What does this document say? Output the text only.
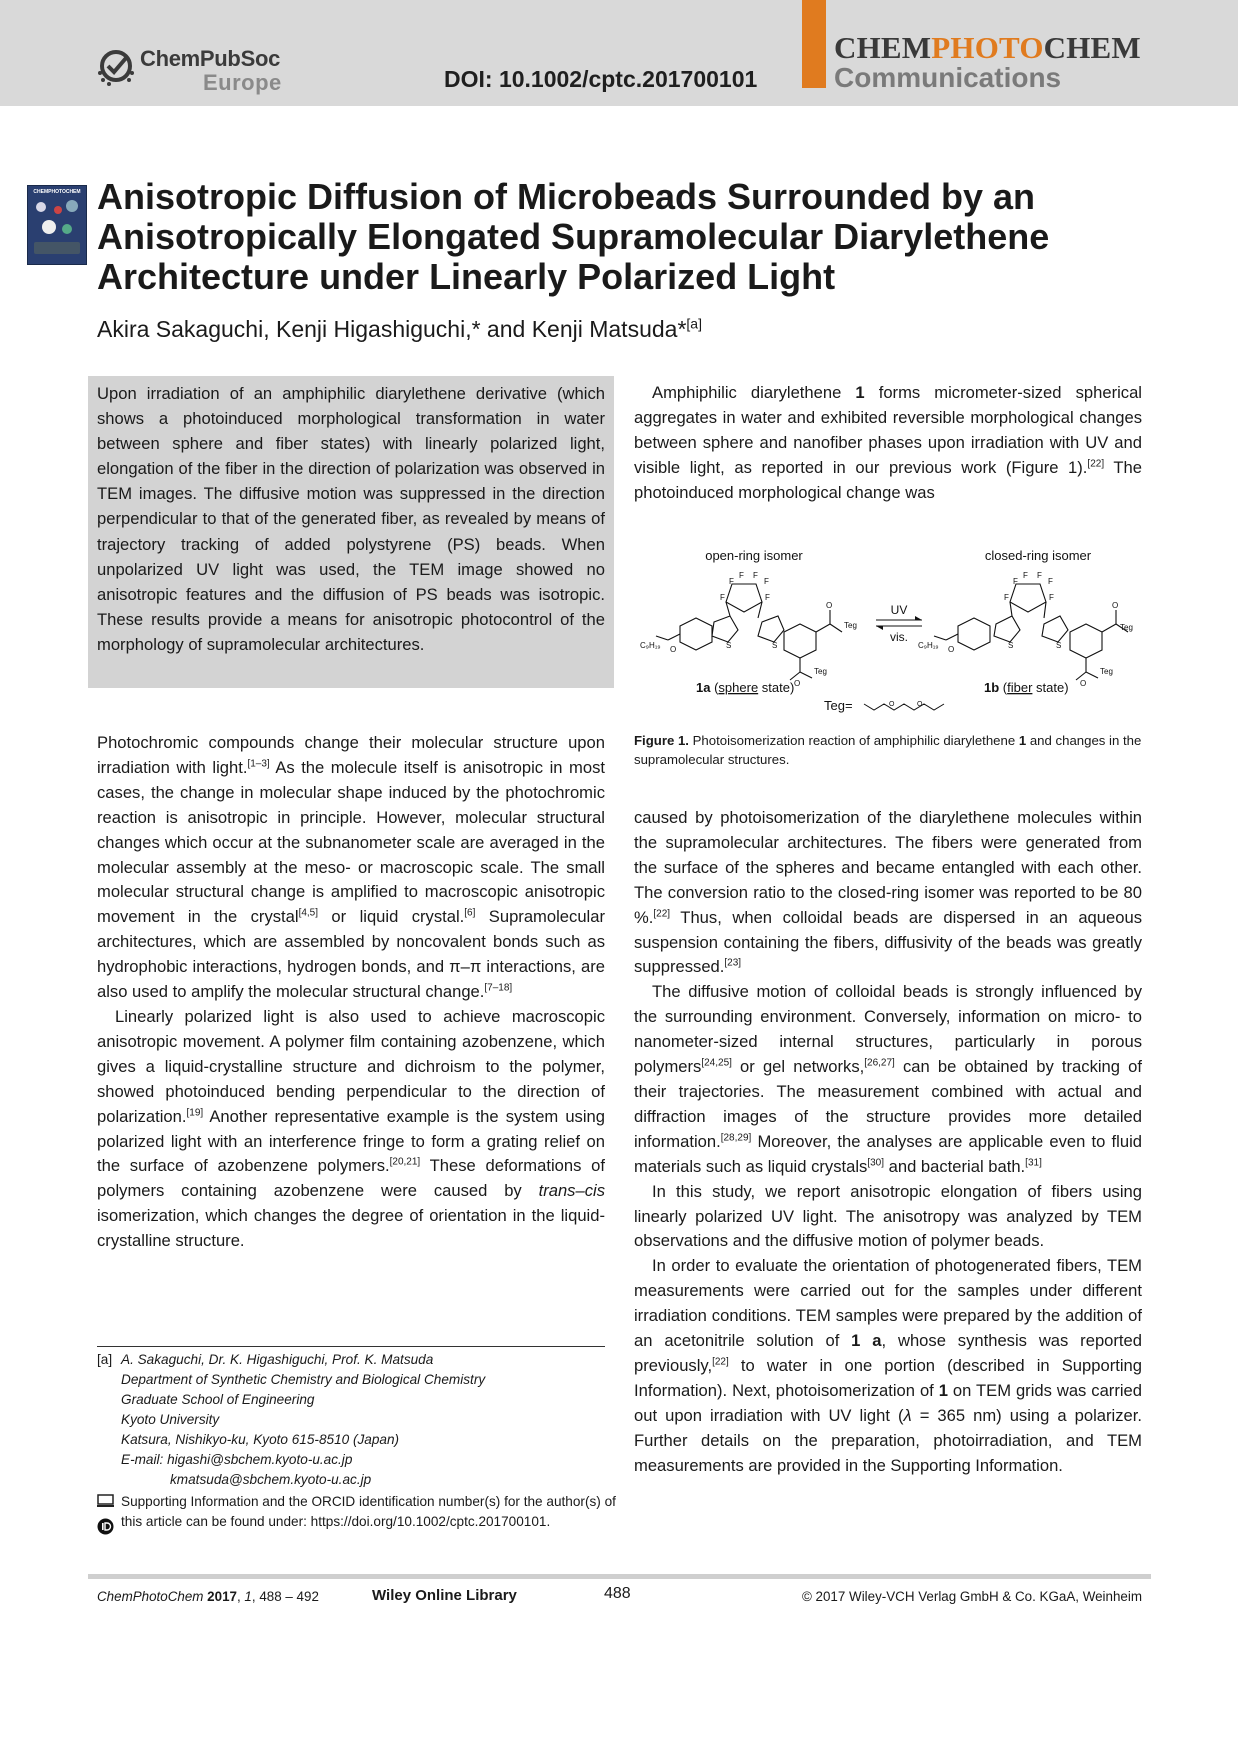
ChemPubSoc
Europe	DOI: 10.1002/cptc.201700101
CHEMPHOTOCHEM
Communications
CHEMPHOTOCHEM Anisotropic Diffusion of Microbeads Surrounded by an Anisotropically Elongated Supramolecular Diarylethene Architecture under Linearly Polarized Light
Akira Sakaguchi, Kenji Higashiguchi,* and Kenji Matsuda*[a]
Upon irradiation of an amphiphilic diarylethene derivative (which shows a photoinduced morphological transformation in water between sphere and fiber states) with linearly polarized light, elongation of the fiber in the direction of polarization was observed in TEM images. The diffusive motion was suppressed in the direction perpendicular to that of the generated fiber, as revealed by means of trajectory tracking of added polystyrene (PS) beads. When unpolarized UV light was used, the TEM image showed no anisotropic features and the diffusion of PS beads was isotropic. These results provide a means for anisotropic photocontrol of the morphology of supramolecular architectures.

Photochromic compounds change their molecular structure upon irradiation with light.[1–3] As the molecule itself is anisotropic in most cases, the change in molecular shape induced by the photochromic reaction is anisotropic in principle. However, molecular structural changes which occur at the subnanometer scale are averaged in the molecular assembly at the meso- or macroscopic scale. The small molecular structural change is amplified to macroscopic anisotropic movement in the crystal[4,5] or liquid crystal.[6] Supramolecular architectures, which are assembled by noncovalent bonds such as hydrophobic interactions, hydrogen bonds, and π–π interactions, are also used to amplify the molecular structural change.[7–18]

Linearly polarized light is also used to achieve macroscopic anisotropic movement. A polymer film containing azobenzene, which gives a liquid-crystalline structure and dichroism to the polymer, showed photoinduced bending perpendicular to the direction of polarization.[19] Another representative example is the system using polarized light with an interference fringe to form a grating relief on the surface of azobenzene polymers.[20,21] These deformations of polymers containing azobenzene were caused by trans–cis isomerization, which changes the degree of orientation in the liquid-crystalline structure.

[a] A. Sakaguchi, Dr. K. Higashiguchi, Prof. K. Matsuda
Department of Synthetic Chemistry and Biological Chemistry
Graduate School of Engineering
Kyoto University
Katsura, Nishikyo-ku, Kyoto 615-8510 (Japan)
E-mail: higashi@sbchem.kyoto-u.ac.jp
kmatsuda@sbchem.kyoto-u.ac.jp

Supporting Information and the ORCID identification number(s) for the author(s) of this article can be found under: https://doi.org/10.1002/cptc.201700101.

Amphiphilic diarylethene 1 forms micrometer-sized spherical aggregates in water and exhibited reversible morphological changes between sphere and nanofiber phases upon irradiation with UV and visible light, as reported in our previous work (Figure 1).[22] The photoinduced morphological change was

open-ring isomer	closed-ring isomer
F
F F
F
F	F
S	S
O
Teg
O
Teg
C₉H₁₉ O
UV
vis.
F
F F
F
F	F
S	S
O
Teg
O
Teg
C₉H₁₉ O
1a (sphere state)	1b (fiber state)
Teg=	O	O
Figure 1. Photoisomerization reaction of amphiphilic diarylethene 1 and changes in the supramolecular structures.

caused by photoisomerization of the diarylethene molecules within the supramolecular architectures. The fibers were generated from the surface of the spheres and became entangled with each other. The conversion ratio to the closed-ring isomer was reported to be 80 %.[22] Thus, when colloidal beads are dispersed in an aqueous suspension containing the fibers, diffusivity of the beads was greatly suppressed.[23]

The diffusive motion of colloidal beads is strongly influenced by the surrounding environment. Conversely, information on micro- to nanometer-sized internal structures, particularly in porous polymers[24,25] or gel networks,[26,27] can be obtained by tracking of their trajectories. The measurement combined with actual and diffraction images of the structure provides more detailed information.[28,29] Moreover, the analyses are applicable even to fluid materials such as liquid crystals[30] and bacterial bath.[31]

In this study, we report anisotropic elongation of fibers using linearly polarized UV light. The anisotropy was analyzed by TEM observations and the diffusive motion of polymer beads.

In order to evaluate the orientation of photogenerated fibers, TEM measurements were carried out for the samples under different irradiation conditions. TEM samples were prepared by the addition of an acetonitrile solution of 1 a, whose synthesis was reported previously,[22] to water in one portion (described in Supporting Information). Next, photoisomerization of 1 on TEM grids was carried out upon irradiation with UV light (λ = 365 nm) using a polarizer. Further details on the preparation, photoirradiation, and TEM measurements are provided in the Supporting Information.

ChemPhotoChem 2017, 1, 488 – 492	Wiley Online Library	488	© 2017 Wiley-VCH Verlag GmbH & Co. KGaA, Weinheim
